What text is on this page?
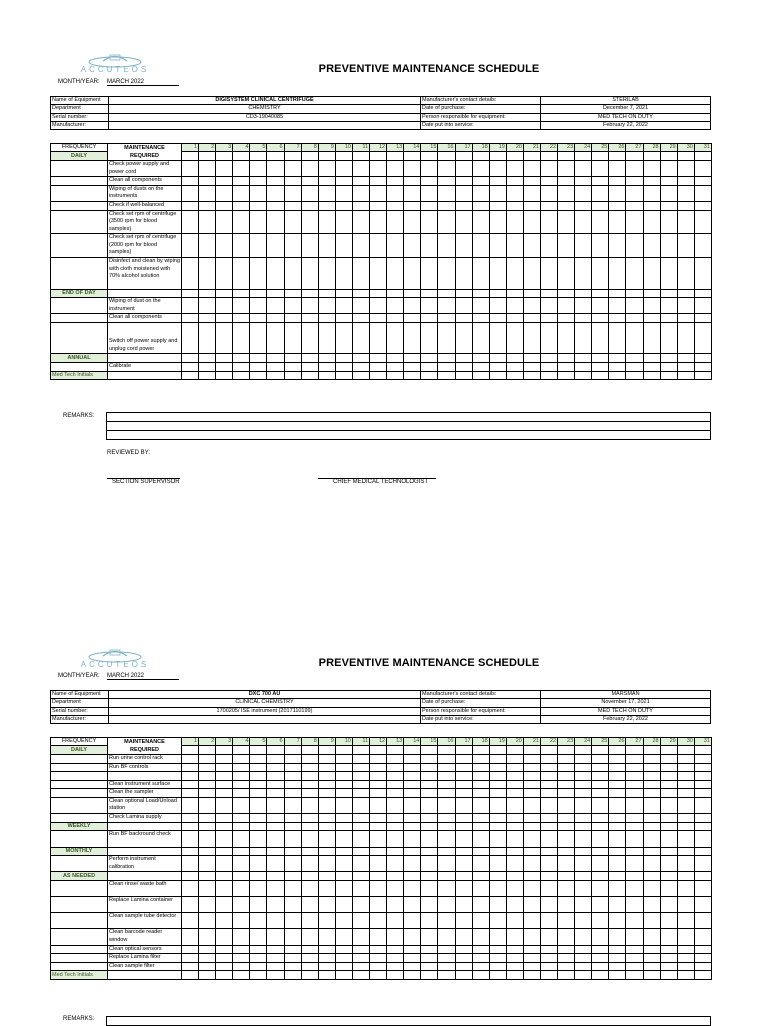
ACCUTEOS	PREVENTIVE MAINTENANCE SCHEDULE
MONTH/YEAR: MARCH 2022
Name of Equipment	DIGISYSTEM CLINICAL CENTRIFUGE	Manufacturer's contact details:	STERILAB
Department	CHEMISTRY	Date of purchase:	December 7, 2021
Serial number:	CD3-19040085	Person responsible for equipment:	MED TECH ON DUTY
Manufacturer:		Date put into service:	February 22, 2022
FREQUENCY	MAINTENANCE REQUIRED	1	2	3	4	5	6	7	8	9	10	11	12	13	14	15	16	17	18	19	20	21	22	23	24	25	26	27	28	29	30	31
DAILY																																
	Check power supply and power cord																															
	Clean all components																															
	Wiping of dusts on the instruments																															
	Check if well-balanced																															
	Check set rpm of centrifuge (3500 rpm for blood samples)																															
	Check set rpm of centrifuge (2000 rpm for blood samples)																															
	Disinfect and clean by wiping with cloth moistened with 70% alcohol solution																															
END OF DAY																																
	Wiping of dust on the instrument																															
	Clean all components																															
	Switch off power supply and unplug cord power																															
ANNUAL																																
	Calibrate																															
Med Tech Initials																																
REMARKS:

REVIEWED BY:
SECTION SUPERVISOR	CHIEF MEDICAL TECHNOLOGIST
ACCUTEOS	PREVENTIVE MAINTENANCE SCHEDULE
MONTH/YEAR: MARCH 2022
Name of Equipment	DXC 700 AU	Manufacturer's contact details:	MARSMAN
Department	CLINICAL CHEMISTRY	Date of purchase:	November 17, 2021
Serial number:	1700205/ ISE instrument (2017110199)	Person responsible for equipment:	MED TECH ON DUTY
Manufacturer:		Date put into service:	February 22, 2022
FREQUENCY	MAINTENANCE REQUIRED	1	2	3	4	5	6	7	8	9	10	11	12	13	14	15	16	17	18	19	20	21	22	23	24	25	26	27	28	29	30	31
DAILY																																
	Run urine control rack																															
	Run BF controls																															

	Clean instrument surface																															
	Clean the sampler																															
	Clean optional Load/Unload station																															
	Check Lamina supply																															
WEEKLY																																
	Run BF backround check																															
MONTHLY																																
	Perform instrument calibration																															
AS NEEDED																																
	Clean rinse/ waste bath																															
	Replace Lamina container																															
	Clean sample tube detector																															
	Clean barcode reader window																															
	Clean optical sensors																															
	Replace Lamina filter																															
	Clean sample filter																															
Med Tech Initials																																
REMARKS:
